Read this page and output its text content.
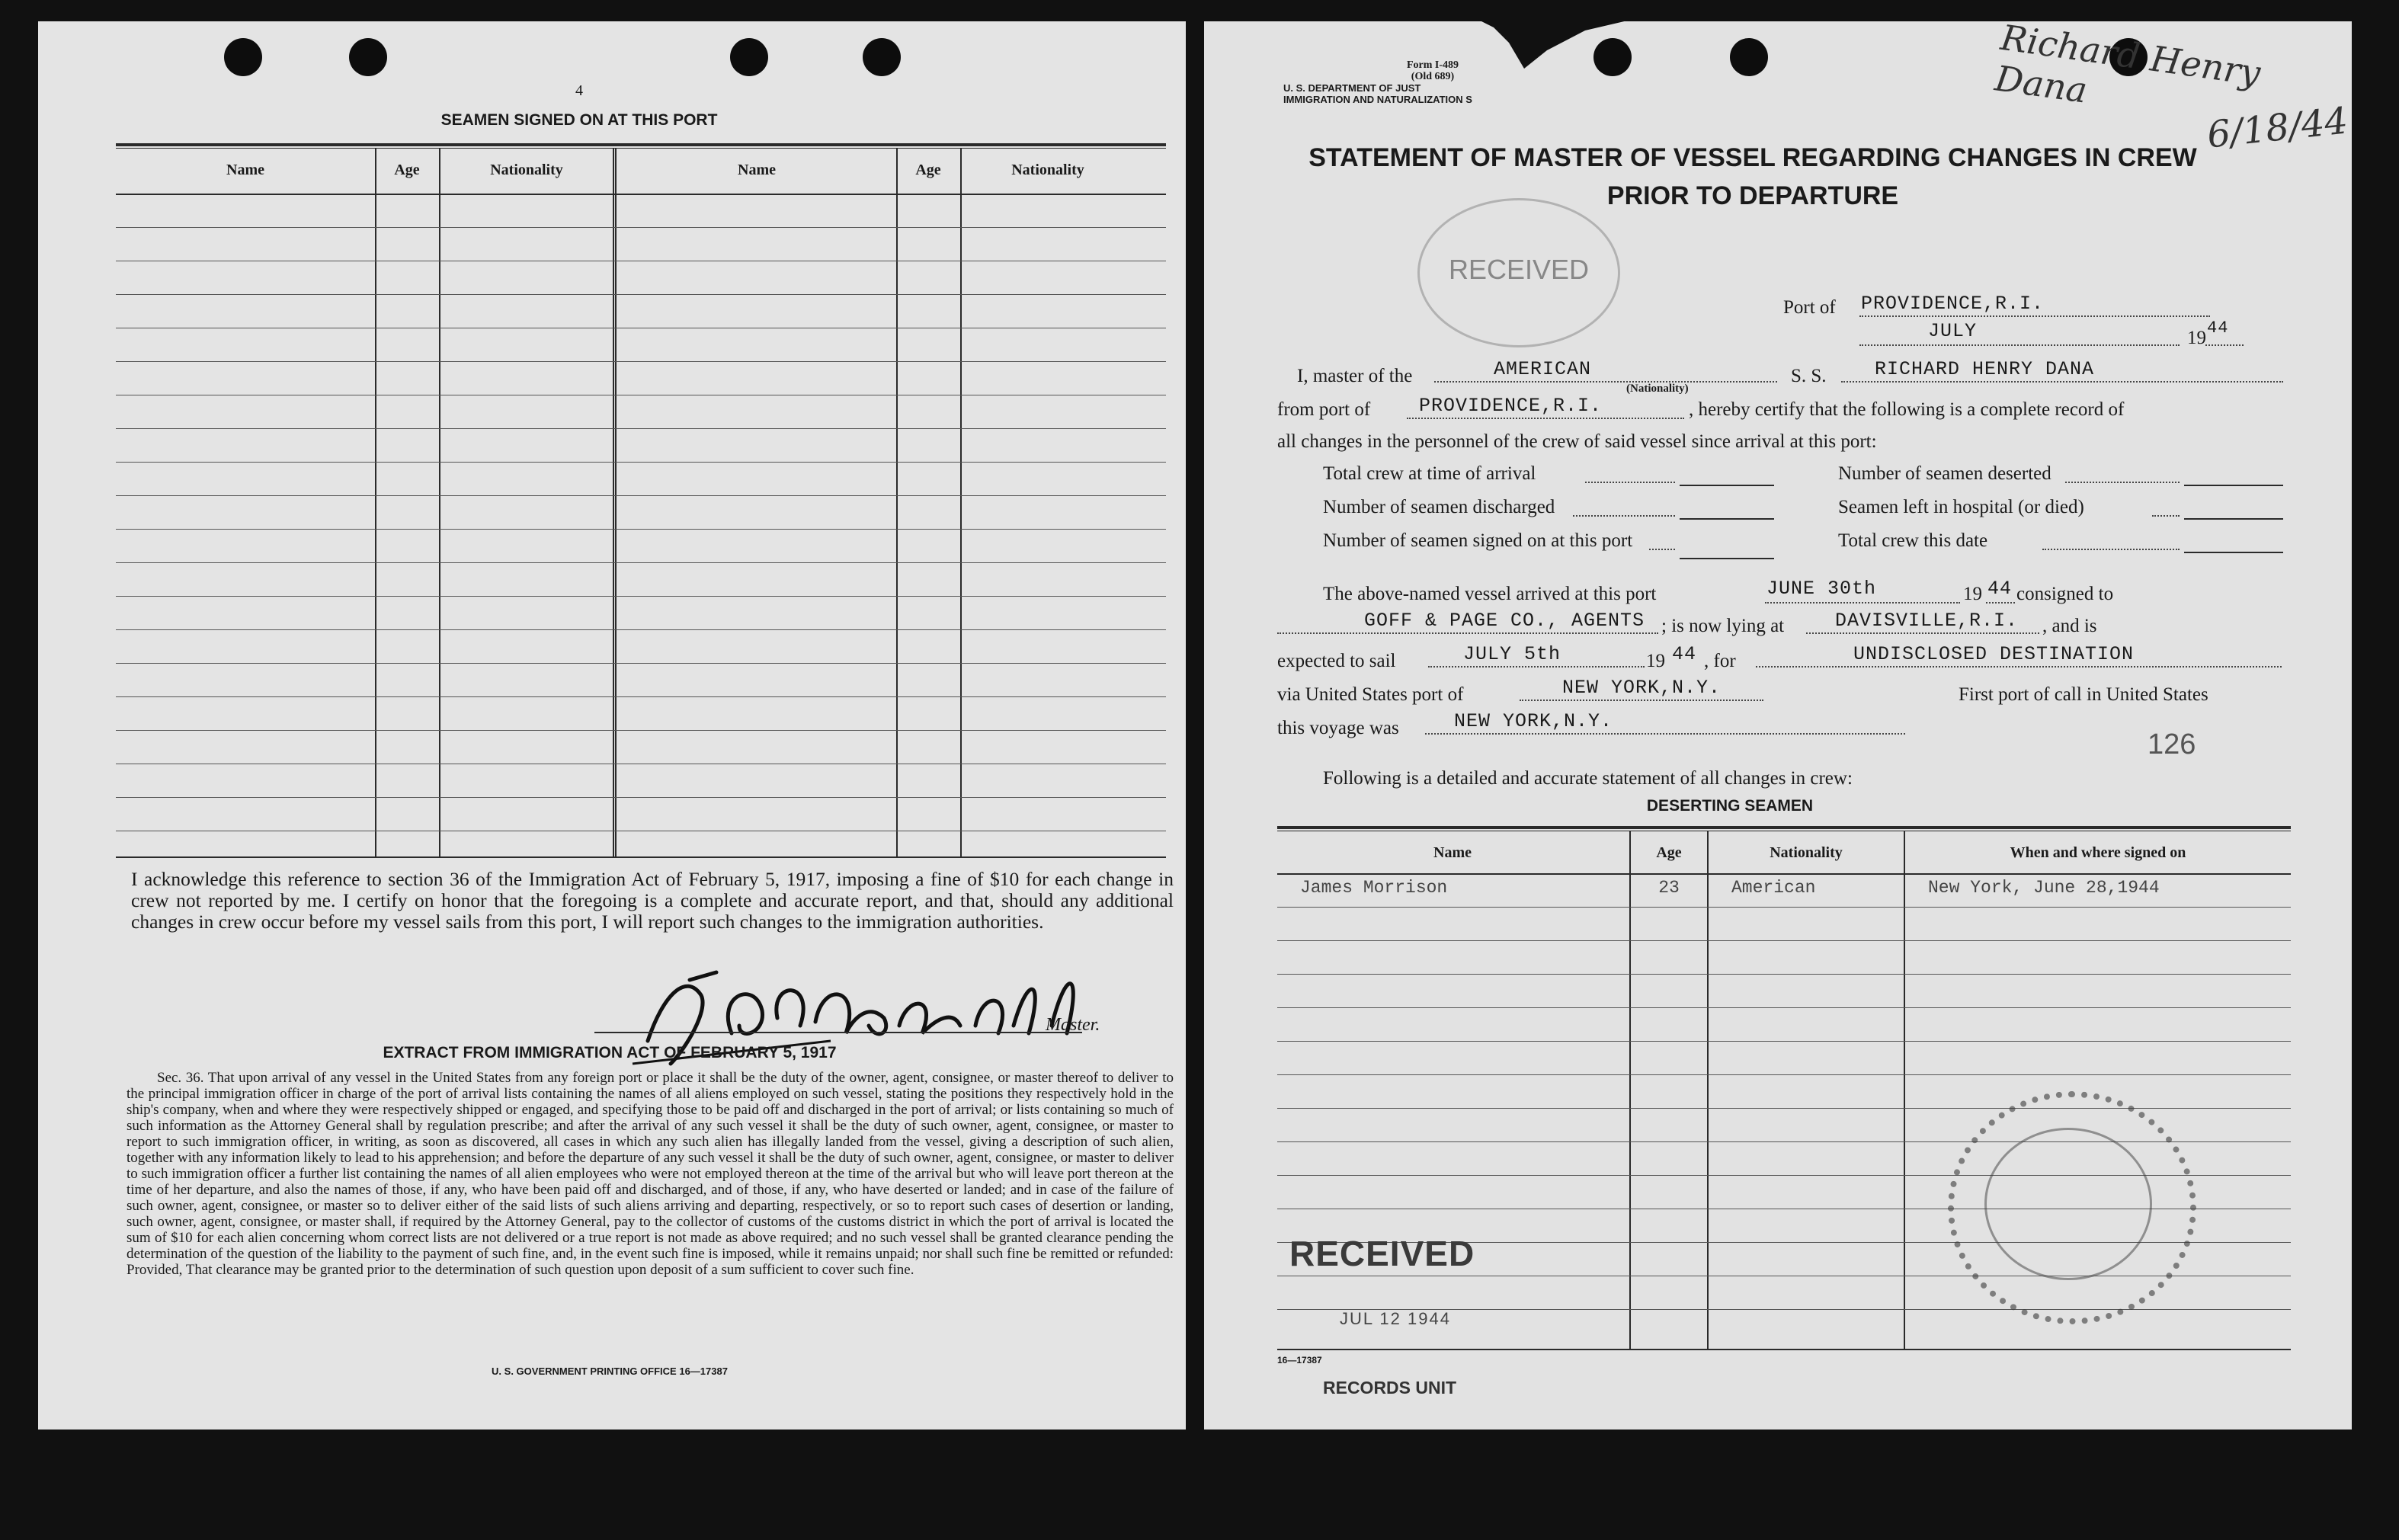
4
SEAMEN SIGNED ON AT THIS PORT
Name	Age	Nationality	Name	Age	Nationality

I acknowledge this reference to section 36 of the Immigration Act of February 5, 1917, imposing a fine of $10 for each change in crew not reported by me. I certify on honor that the foregoing is a complete and accurate report, and that, should any additional changes in crew occur before my vessel sails from this port, I will report such changes to the immigration authorities.

Master.
EXTRACT FROM IMMIGRATION ACT OF FEBRUARY 5, 1917

Sec. 36. That upon arrival of any vessel in the United States from any foreign port or place it shall be the duty of the owner, agent, consignee, or master thereof to deliver to the principal immigration officer in charge of the port of arrival lists containing the names of all aliens employed on such vessel, stating the positions they respectively hold in the ship's company, when and where they were respectively shipped or engaged, and specifying those to be paid off and discharged in the port of arrival; or lists containing so much of such information as the Attorney General shall by regulation prescribe; and after the arrival of any such vessel it shall be the duty of such owner, agent, consignee, or master to report to such immigration officer, in writing, as soon as discovered, all cases in which any such alien has illegally landed from the vessel, giving a description of such alien, together with any information likely to lead to his apprehension; and before the departure of any such vessel it shall be the duty of such owner, agent, consignee, or master to deliver to such immigration officer a further list containing the names of all alien employees who were not employed thereon at the time of the arrival but who will leave port thereon at the time of her departure, and also the names of those, if any, who have been paid off and discharged, and of those, if any, who have deserted or landed; and in case of the failure of such owner, agent, consignee, or master so to deliver either of the said lists of such aliens arriving and departing, respectively, or so to report such cases of desertion or landing, such owner, agent, consignee, or master shall, if required by the Attorney General, pay to the collector of customs of the customs district in which the port of arrival is located the sum of $10 for each alien concerning whom correct lists are not delivered or a true report is not made as above required; and no such vessel shall be granted clearance pending the determination of the question of the liability to the payment of such fine, and, in the event such fine is imposed, while it remains unpaid; nor shall such fine be remitted or refunded: Provided, That clearance may be granted prior to the determination of such question upon deposit of a sum sufficient to cover such fine.

U. S. GOVERNMENT PRINTING OFFICE 16—17387
Form I-489
(Old 689)
U. S. DEPARTMENT OF JUST
IMMIGRATION AND NATURALIZATION S
Richard Henry Dana
6/18/44
STATEMENT OF MASTER OF VESSEL REGARDING CHANGES IN CREW
PRIOR TO DEPARTURE
RECEIVED
Port of PROVIDENCE,R.I.
JULY	19 44
I, master of the	AMERICAN	S. S.	RICHARD HENRY DANA
from port of
(Nationality)
PROVIDENCE,R.I.	, hereby certify that the following is a complete record of
all changes in the personnel of the crew of said vessel since arrival at this port:
Total crew at time of arrival
Number of seamen discharged
Number of seamen signed on at this port
Number of seamen deserted
Seamen left in hospital (or died)
Total crew this date
The above-named vessel arrived at this port	JUNE 30th	19 44 consigned to
GOFF & PAGE CO., AGENTS ; is now lying at	DAVISVILLE,R.I. , and is
expected to sail	JULY 5th	19 44 , for	UNDISCLOSED DESTINATION
via United States port of	NEW YORK,N.Y.	First port of call in United States
this voyage was	NEW YORK,N.Y.
126
Following is a detailed and accurate statement of all changes in crew:
DESERTING SEAMEN
Name	Age	Nationality	When and where signed on
James Morrison	23	American	New York, June 28,1944
RECEIVED
JUL 12 1944
16—17387
RECORDS UNIT
